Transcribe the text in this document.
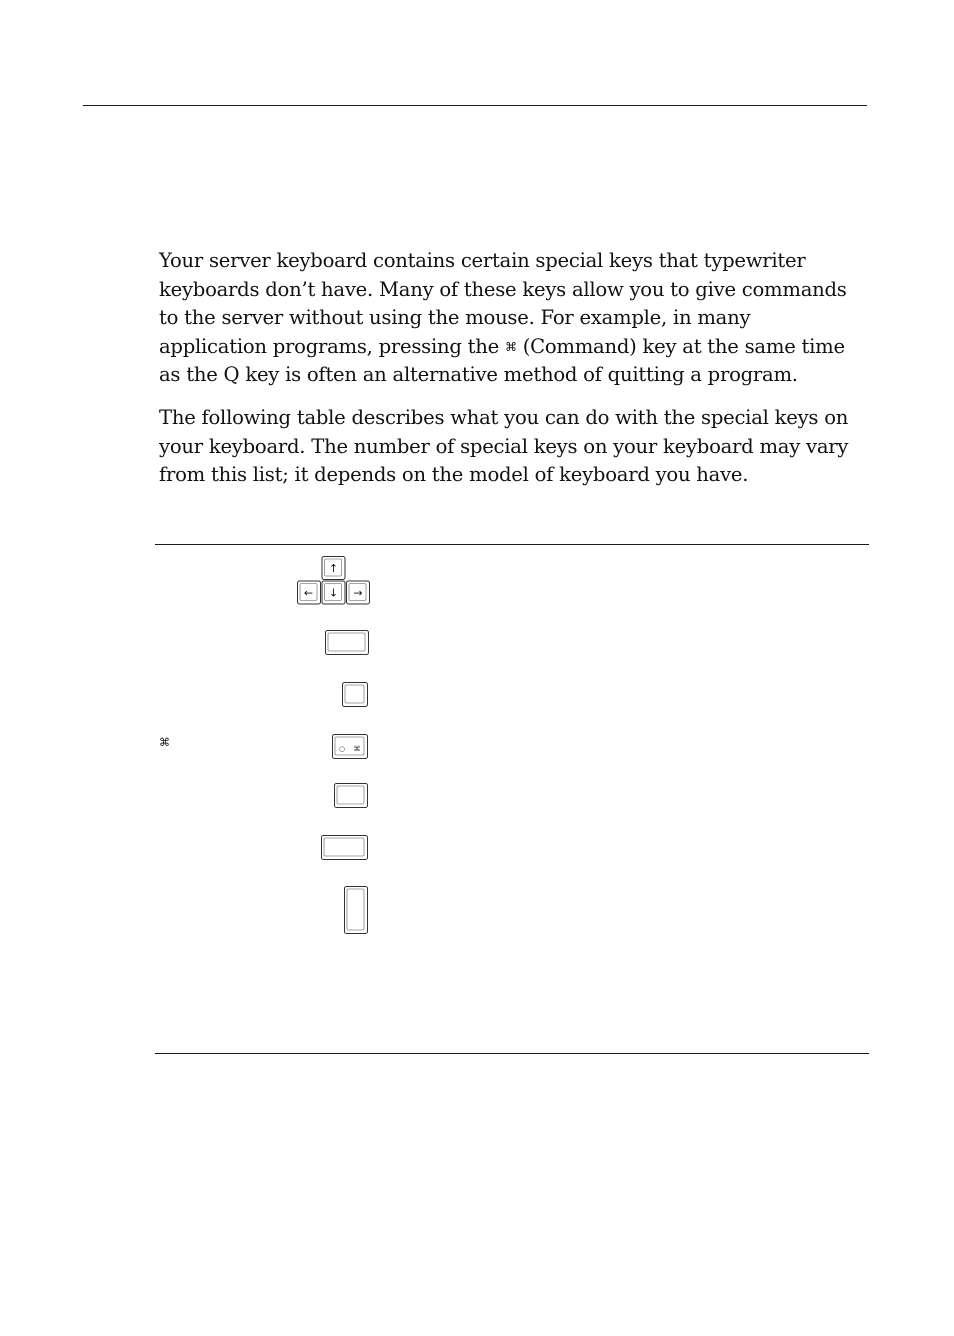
Your server keyboard contains certain special keys that typewriter keyboards don’t have. Many of these keys allow you to give commands to the server without using the mouse. For example, in many application programs, pressing the ⌘ (Command) key at the same time as the Q key is often an alternative method of quitting a program.

The following table describes what you can do with the special keys on your keyboard. The number of special keys on your keyboard may vary from this list; it depends on the model of keyboard you have.

⌘
↑
← ↓ →
○ ⌘
